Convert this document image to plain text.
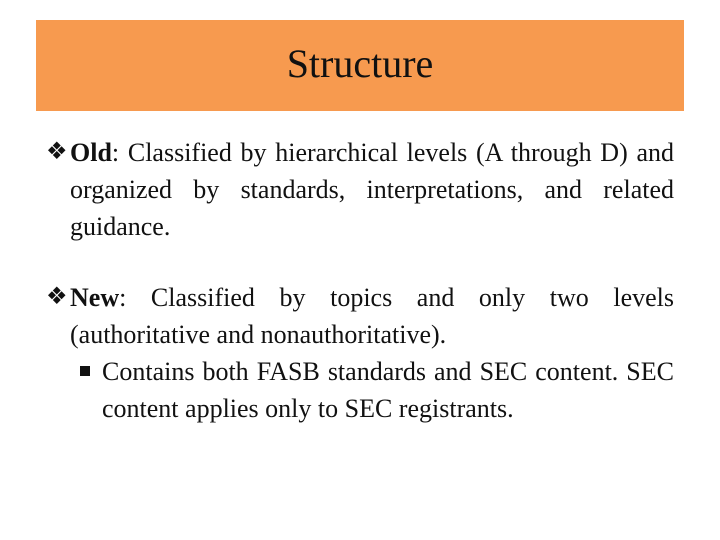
Structure

❖ Old: Classified by hierarchical levels (A through D) and organized by standards, interpretations, and related guidance.

❖ New: Classified by topics and only two levels (authoritative and nonauthoritative).

Contains both FASB standards and SEC content. SEC content applies only to SEC registrants.
